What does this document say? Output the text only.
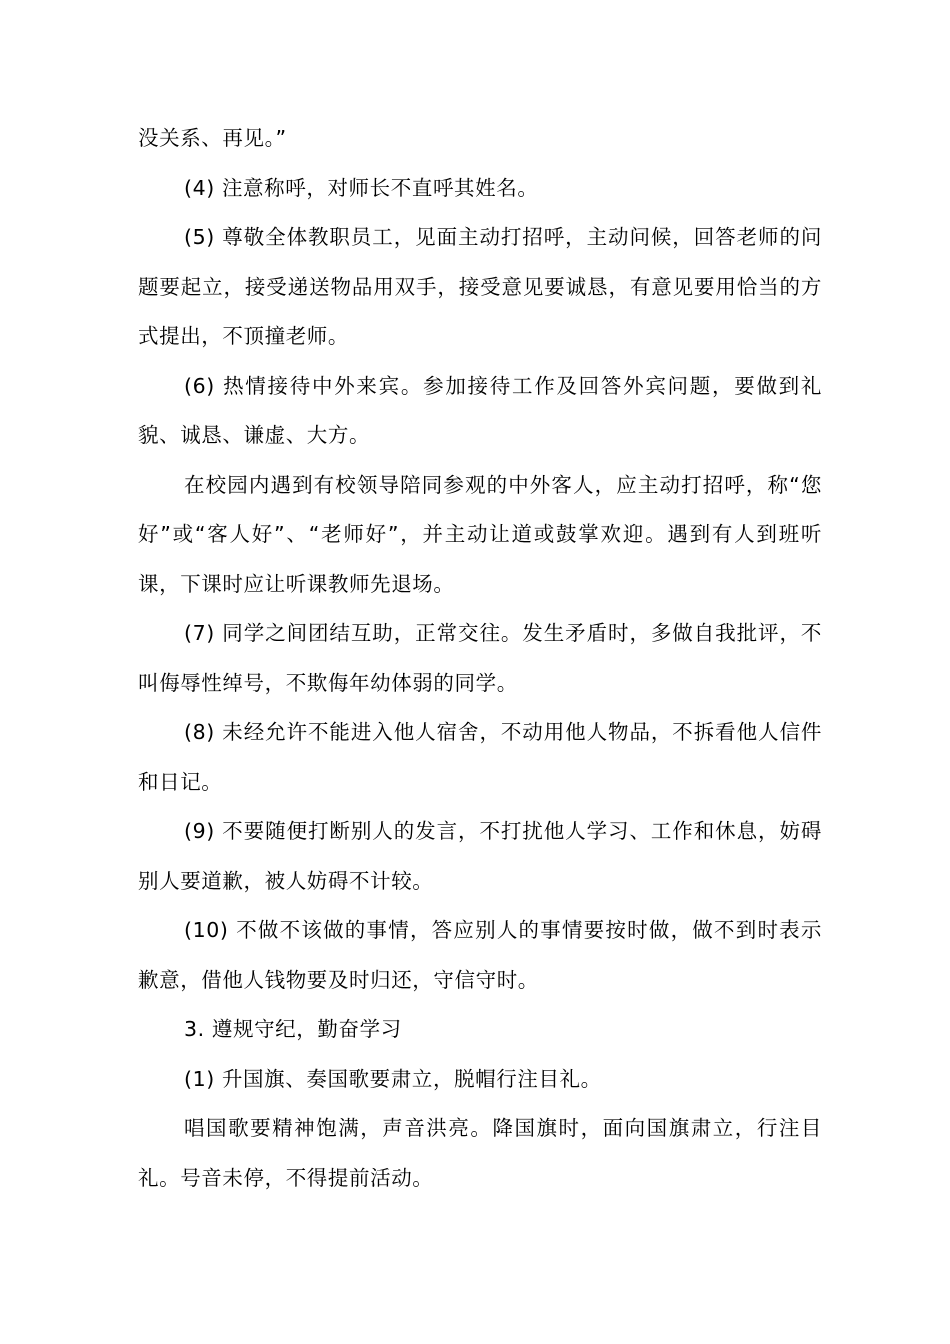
没关系、再见。”

(4) 注意称呼，对师长不直呼其姓名。

(5) 尊敬全体教职员工，见面主动打招呼，主动问候，回答老师的问题要起立，接受递送物品用双手，接受意见要诚恳，有意见要用恰当的方式提出，不顶撞老师。

(6) 热情接待中外来宾。参加接待工作及回答外宾问题，要做到礼貌、诚恳、谦虚、大方。

在校园内遇到有校领导陪同参观的中外客人，应主动打招呼，称“您好”或“客人好”、“老师好”，并主动让道或鼓掌欢迎。遇到有人到班听课，下课时应让听课教师先退场。

(7) 同学之间团结互助，正常交往。发生矛盾时，多做自我批评，不叫侮辱性绰号，不欺侮年幼体弱的同学。

(8) 未经允许不能进入他人宿舍，不动用他人物品，不拆看他人信件和日记。

(9) 不要随便打断别人的发言，不打扰他人学习、工作和休息，妨碍别人要道歉，被人妨碍不计较。

(10) 不做不该做的事情，答应别人的事情要按时做，做不到时表示歉意，借他人钱物要及时归还，守信守时。

3. 遵规守纪，勤奋学习

(1) 升国旗、奏国歌要肃立，脱帽行注目礼。

唱国歌要精神饱满，声音洪亮。降国旗时，面向国旗肃立，行注目礼。号音未停，不得提前活动。
